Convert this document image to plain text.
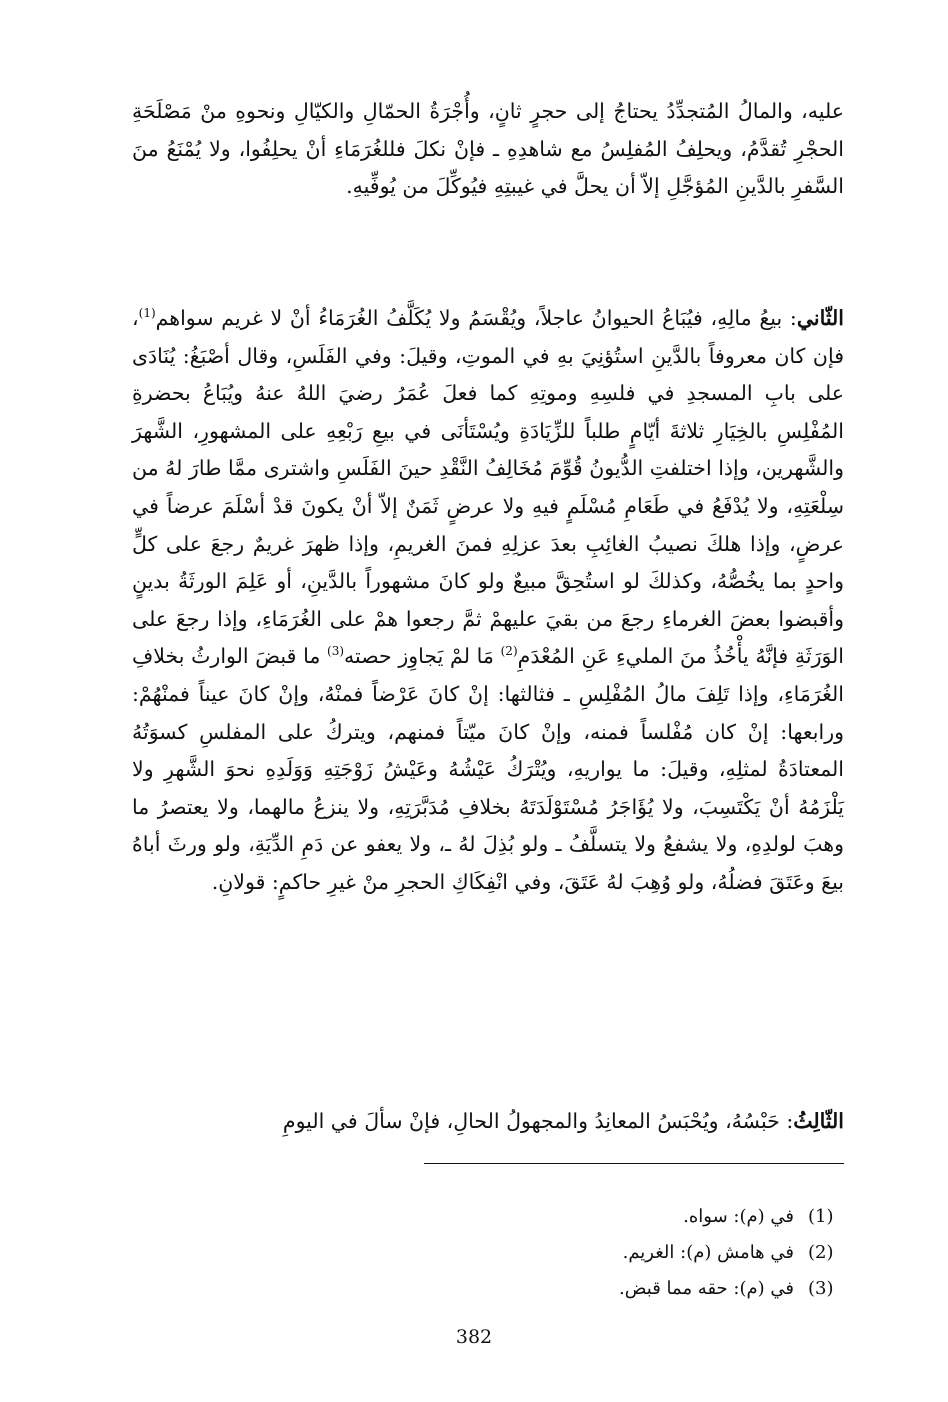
عليه، والمالُ المُتجدِّدُ يحتاجُ إلى حجرٍ ثانٍ، وأُجْرَةُ الحمّالِ والكيّالِ ونحوهِ منْ مَصْلَحَةِ الحجْرِ تُقدَّمُ، ويحلِفُ المُفلِسُ مع شاهدِهِ ـ فإنْ نكلَ فللغُرَمَاءِ أنْ يحلِفُوا، ولا يُمْنَعُ منَ السَّفرِ بالدَّينِ المُؤجَّلِ إلاّ أن يحلَّ في غيبتِهِ فيُوكِّلَ من يُوفِّيهِ.

الثّاني: بيعُ مالِهِ، فيُبَاعُ الحيوانُ عاجلاً، ويُقْسَمُ ولا يُكَلَّفُ الغُرَمَاءُ أنْ لا غريم سواهم$^{(1)}$، فإن كان معروفاً بالدَّينِ استُؤنِيَ بهِ في الموتِ، وقيلَ: وفي الفَلَسِ، وقال أصْبَغُ: يُنَادَى على بابِ المسجدِ في فلسِهِ وموتِهِ كما فعلَ عُمَرُ رضيَ اللهُ عنهُ ويُبَاعُ بحضرةِ المُفْلِسِ بالخِيَارِ ثلاثةَ أيّامٍ طلباً للزِّيَادَةِ ويُسْتَأنَى في بيعِ رَبْعِهِ على المشهورِ، الشَّهرَ والشَّهرين، وإذا اختلفتِ الدُّيونُ قُوِّمَ مُخَالِفُ النَّقْدِ حينَ الفَلَسِ واشترى ممَّا طارَ لهُ من سِلْعَتِهِ، ولا يُدْفَعُ في طَعَامِ مُسْلَمٍ فيهِ ولا عرضٍ ثَمَنٌ إلاّ أنْ يكونَ قدْ أسْلَمَ عرضاً في عرضٍ، وإذا هلكَ نصيبُ الغائِبِ بعدَ عزلِهِ فمنَ الغريمِ، وإذا ظهرَ غريمٌ رجعَ على كلٍّ واحدٍ بما يخُصُّهُ، وكذلكَ لو استُحِقَّ مبيعٌ ولو كانَ مشهوراً بالدَّينِ، أو عَلِمَ الورثَةُ بدينٍ وأقبضوا بعضَ الغرماءِ رجعَ من بقيَ عليهمْ ثمَّ رجعوا همْ على الغُرَمَاءِ، وإذا رجعَ على الوَرَثَةِ فإنَّهُ يأْخُذُ منَ المليءِ عَنِ المُعْدَمِ$^{(2)}$ مَا لمْ يَجاوِز حصته$^{(3)}$ ما قبضَ الوارثُ بخلافِ الغُرَمَاءِ، وإذا تَلِفَ مالُ المُفْلِسِ ـ فثالثها: إنْ كانَ عَرْضاً فمنْهُ، وإنْ كانَ عيناً فمنْهُمْ: ورابعها: إنْ كان مُفْلساً فمنه، وإنْ كانَ ميّتاً فمنهم، ويتركُ على المفلسِ كسوَتُهُ المعتادَةُ لمثلِهِ، وقيلَ: ما يواريهِ، ويُتْرَكُ عَيْشُهُ وعَيْشُ زَوْجَتِهِ وَوَلَدِهِ نحوَ الشَّهرِ ولا يَلْزَمُهُ أنْ يَكْتَسِبَ، ولا يُؤَاجَرُ مُسْتَوْلَدَتَهُ بخلافِ مُدَبَّرَتِهِ، ولا ينزعُ مالهما، ولا يعتصرُ ما وهبَ لولدِهِ، ولا يشفعُ ولا يتسلَّفُ ـ ولو بُذِلَ لهُ ـ، ولا يعفو عن دَمِ الدِّيَةِ، ولو ورثَ أباهُ بيعَ وعَتَقَ فضلُهُ، ولو وُهِبَ لهُ عَتَقَ، وفي انْفِكَاكِ الحجرِ منْ غيرِ حاكمٍ: قولانِ.

الثّالِثُ: حَبْسُهُ، ويُحْبَسُ المعانِدُ والمجهولُ الحالِ، فإنْ سألَ في اليومِ

(1)
في (م): سواه.
(2)
في هامش (م): الغريم.
(3)
في (م): حقه مما قبض.
382
